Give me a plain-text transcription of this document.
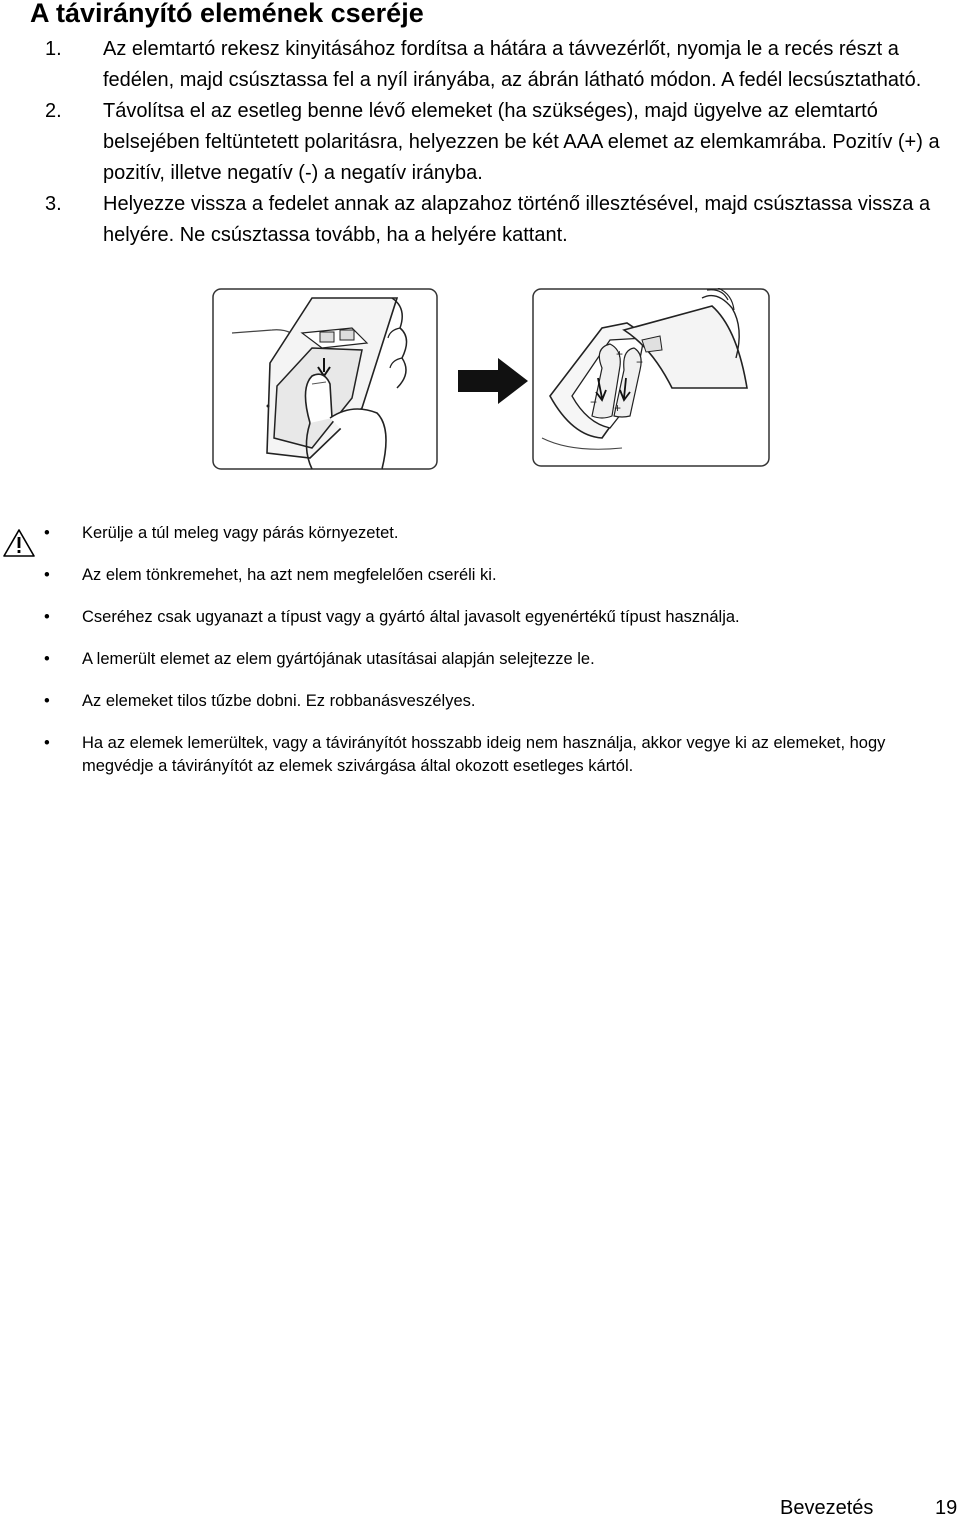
A távirányító elemének cseréje
1. Az elemtartó rekesz kinyitásához fordítsa a hátára a távvezérlőt, nyomja le a recés részt a fedélen, majd csúsztassa fel a nyíl irányába, az ábrán látható módon. A fedél lecsúsztatható.
2. Távolítsa el az esetleg benne lévő elemeket (ha szükséges), majd ügyelve az elemtartó belsejében feltüntetett polaritásra, helyezzen be két AAA elemet az elemkamrába. Pozitív (+) a pozitív, illetve negatív (-) a negatív irányba.
3. Helyezze vissza a fedelet annak az alapzahoz történő illesztésével, majd csúsztassa vissza a helyére. Ne csúsztassa tovább, ha a helyére kattant.
+
−
− +
• Kerülje a túl meleg vagy párás környezetet.
• Az elem tönkremehet, ha azt nem megfelelően cseréli ki.
• Cseréhez csak ugyanazt a típust vagy a gyártó által javasolt egyenértékű típust használja.
• A lemerült elemet az elem gyártójának utasításai alapján selejtezze le.
• Az elemeket tilos tűzbe dobni. Ez robbanásveszélyes.
• Ha az elemek lemerültek, vagy a távirányítót hosszabb ideig nem használja, akkor vegye ki az elemeket, hogy megvédje a távirányítót az elemek szivárgása által okozott esetleges kártól.
Bevezetés	19
